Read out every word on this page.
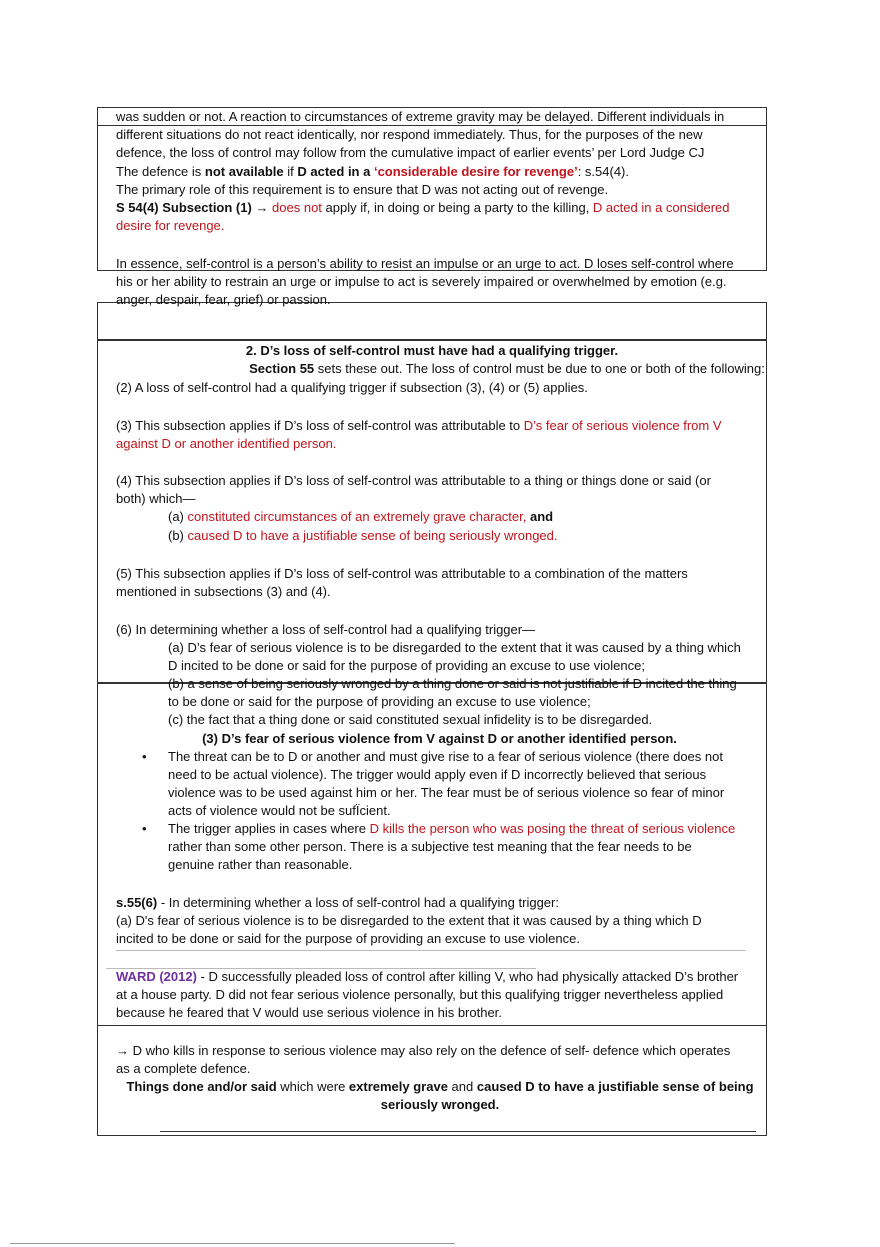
was sudden or not. A reaction to circumstances of extreme gravity may be delayed. Different individuals in
different situations do not react identically, nor respond immediately. Thus, for the purposes of the new
defence, the loss of control may follow from the cumulative impact of earlier events’ per Lord Judge CJ
The defence is not available if D acted in a ‘considerable desire for revenge’: s.54(4).
The primary role of this requirement is to ensure that D was not acting out of revenge.
S 54(4) Subsection (1) → does not apply if, in doing or being a party to the killing, D acted in a considered
desire for revenge.
In essence, self-control is a person’s ability to resist an impulse or an urge to act. D loses self-control where
his or her ability to restrain an urge or impulse to act is severely impaired or overwhelmed by emotion (e.g.
anger, despair, fear, grief) or passion.
2. D’s loss of self-control must have had a qualifying trigger.
Section 55 sets these out. The loss of control must be due to one or both of the following:
(2) A loss of self-control had a qualifying trigger if subsection (3), (4) or (5) applies.
(3) This subsection applies if D’s loss of self-control was attributable to D’s fear of serious violence from V
against D or another identified person.
(4) This subsection applies if D’s loss of self-control was attributable to a thing or things done or said (or
both) which—
(a) constituted circumstances of an extremely grave character, and
(b) caused D to have a justifiable sense of being seriously wronged.
(5) This subsection applies if D’s loss of self-control was attributable to a combination of the matters
mentioned in subsections (3) and (4).
(6) In determining whether a loss of self-control had a qualifying trigger—
(a) D’s fear of serious violence is to be disregarded to the extent that it was caused by a thing which
D incited to be done or said for the purpose of providing an excuse to use violence;
(b) a sense of being seriously wronged by a thing done or said is not justifiable if D incited the thing
to be done or said for the purpose of providing an excuse to use violence;
(c) the fact that a thing done or said constituted sexual infidelity is to be disregarded.
(3) D’s fear of serious violence from V against D or another identified person.
• The threat can be to D or another and must give rise to a fear of serious violence (there does not
need to be actual violence). The trigger would apply even if D incorrectly believed that serious
violence was to be used against him or her. The fear must be of serious violence so fear of minor
acts of violence would not be sufÏcient.
• The trigger applies in cases where D kills the person who was posing the threat of serious violence
rather than some other person. There is a subjective test meaning that the fear needs to be
genuine rather than reasonable.
s.55(6) - In determining whether a loss of self-control had a qualifying trigger:
(a) D's fear of serious violence is to be disregarded to the extent that it was caused by a thing which D
incited to be done or said for the purpose of providing an excuse to use violence.
WARD (2012) - D successfully pleaded loss of control after killing V, who had physically attacked D’s brother
at a house party. D did not fear serious violence personally, but this qualifying trigger nevertheless applied
because he feared that V would use serious violence in his brother.
→ D who kills in response to serious violence may also rely on the defence of self- defence which operates
as a complete defence.
Things done and/or said which were extremely grave and caused D to have a justifiable sense of being
seriously wronged.
